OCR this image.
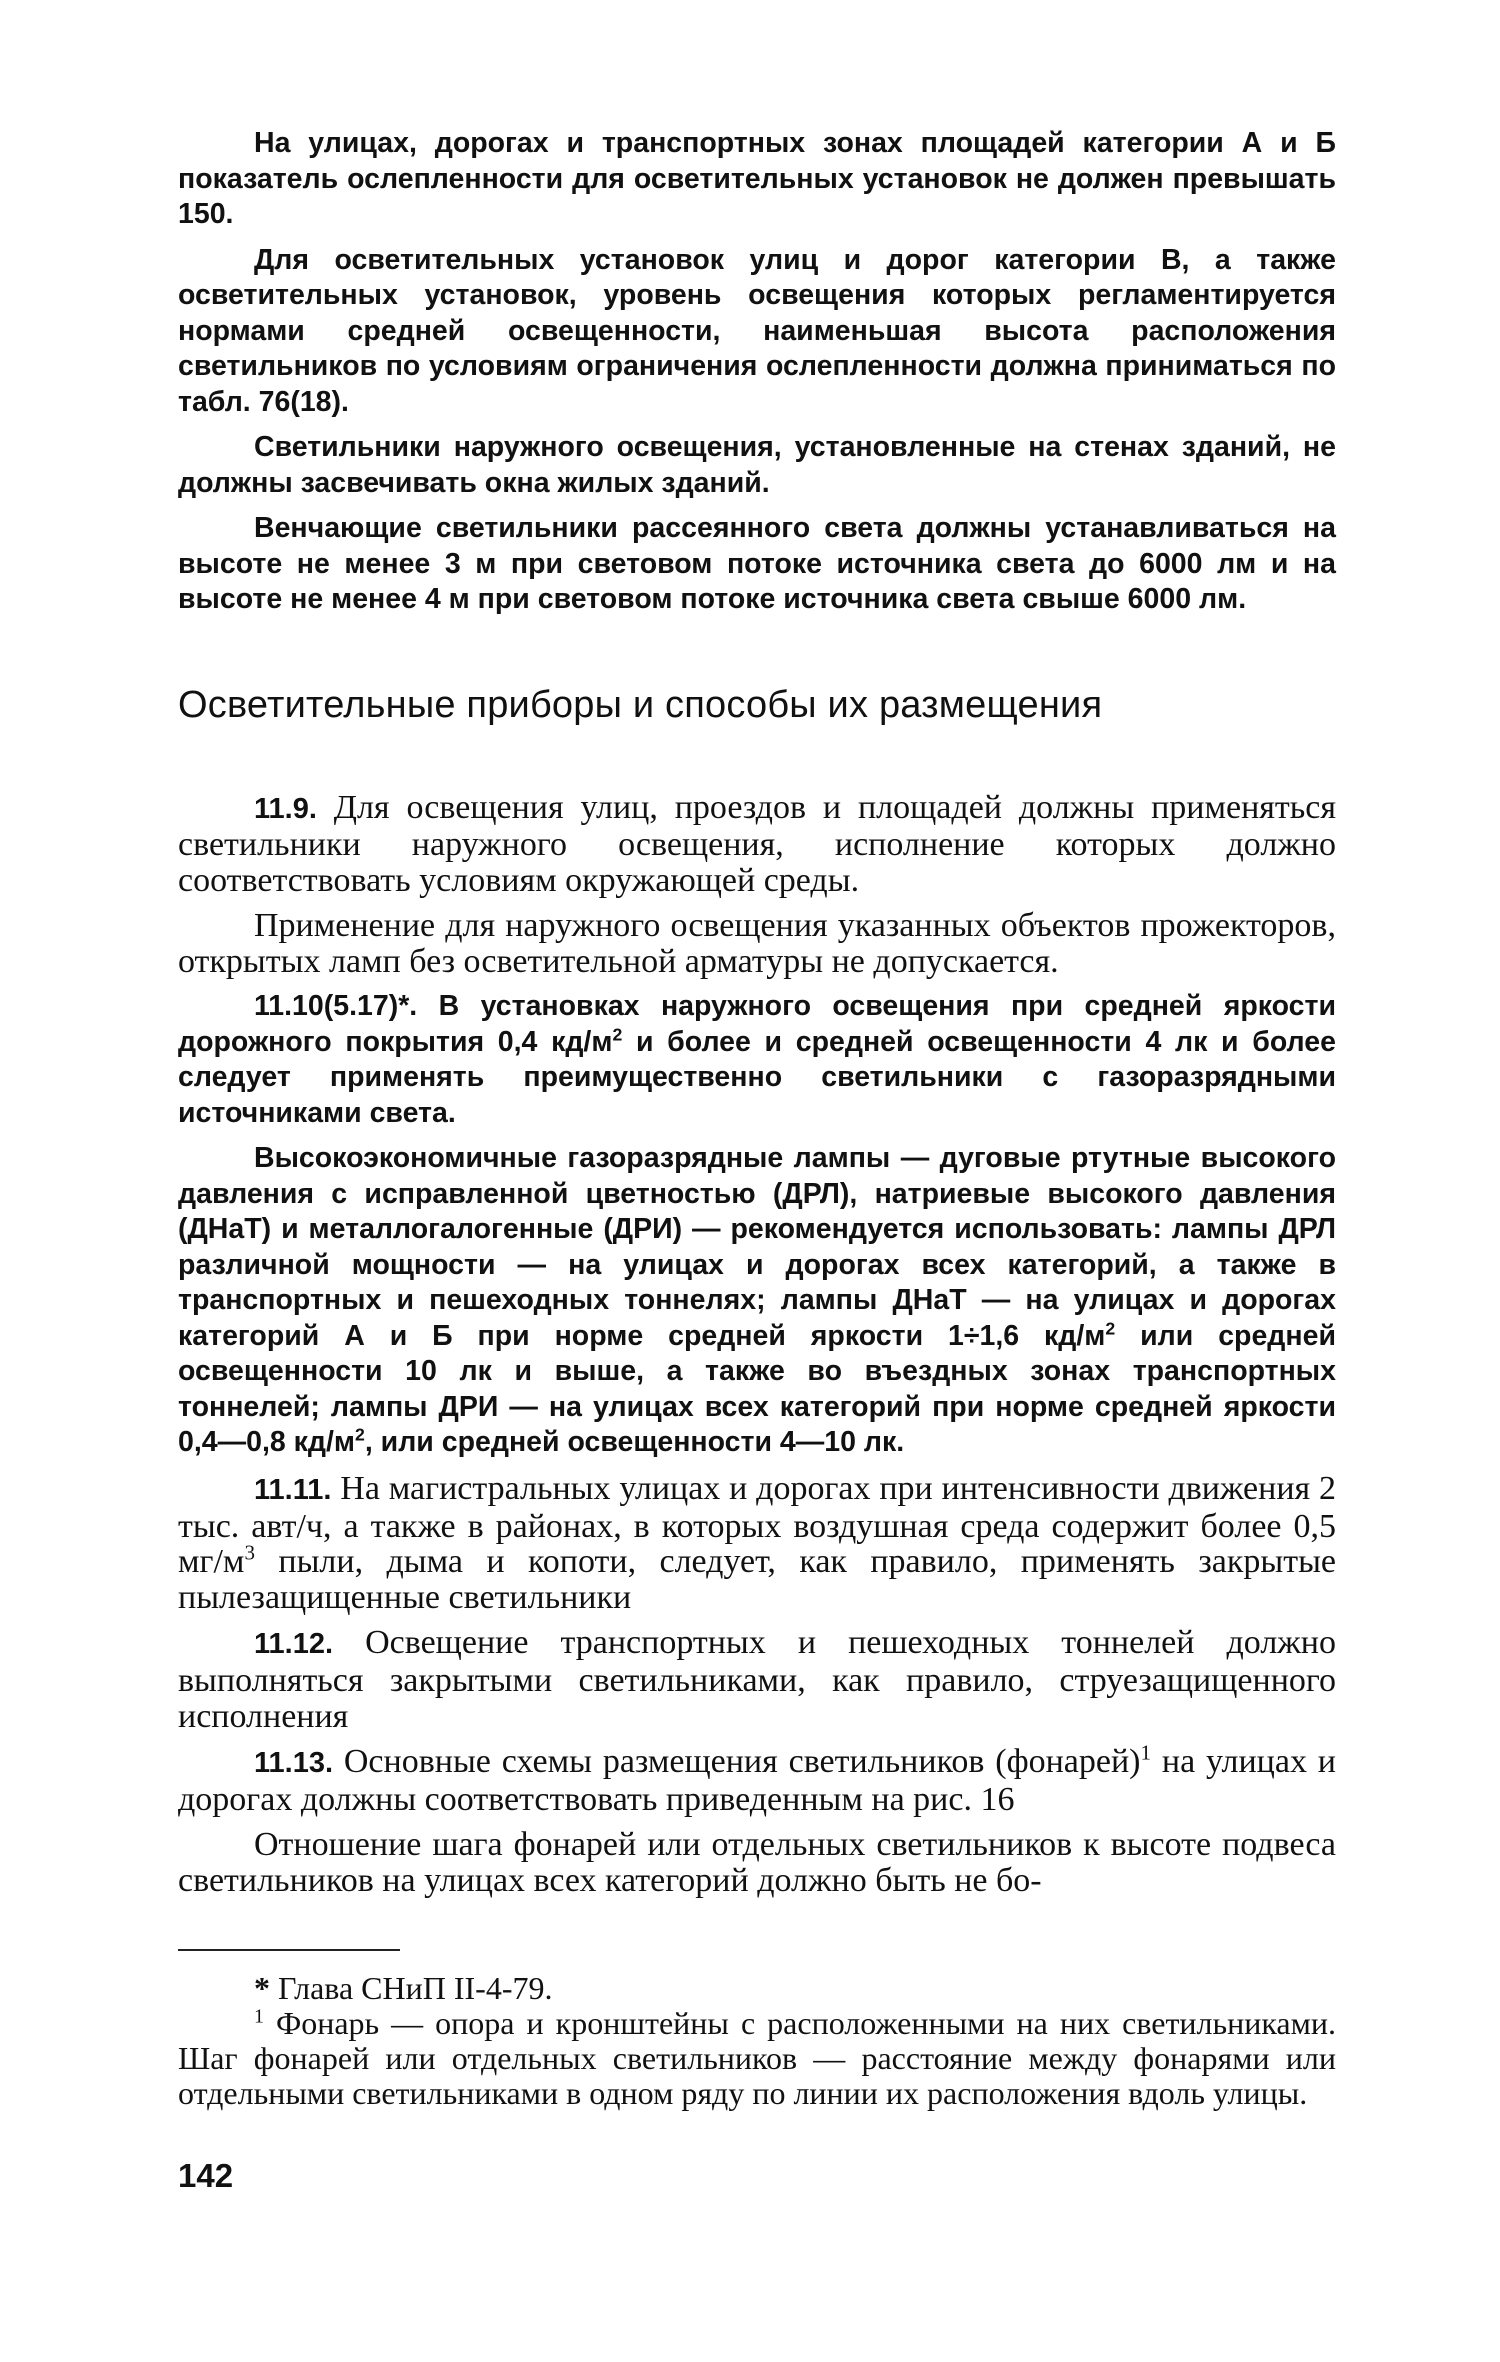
На улицах, дорогах и транспортных зонах площадей категории А и Б показатель ослепленности для осветительных установок не должен превышать 150.

Для осветительных установок улиц и дорог категории В, а также осветительных установок, уровень освещения которых регламентируется нормами средней освещенности, наименьшая высота расположения светильников по условиям ограничения ослепленности должна приниматься по табл. 76(18).

Светильники наружного освещения, установленные на стенах зданий, не должны засвечивать окна жилых зданий.

Венчающие светильники рассеянного света должны устанавливаться на высоте не менее 3 м при световом потоке источника света до 6000 лм и на высоте не менее 4 м при световом потоке источника света свыше 6000 лм.

Осветительные приборы и способы их размещения

11.9. Для освещения улиц, проездов и площадей должны применяться светильники наружного освещения, исполнение которых должно соответствовать условиям окружающей среды.

Применение для наружного освещения указанных объектов прожекторов, открытых ламп без осветительной арматуры не допускается.

11.10(5.17)*. В установках наружного освещения при средней яркости дорожного покрытия 0,4 $кд/м^2$ и более и средней освещенности 4 лк и более следует применять преимущественно светильники с газоразрядными источниками света.

Высокоэкономичные газоразрядные лампы — дуговые ртутные высокого давления с исправленной цветностью (ДРЛ), натриевые высокого давления (ДНаТ) и металлогалогенные (ДРИ) — рекомендуется использовать: лампы ДРЛ различной мощности — на улицах и дорогах всех категорий, а также в транспортных и пешеходных тоннелях; лампы ДНаТ — на улицах и дорогах категорий А и Б при норме средней яркости 1÷1,6 $кд/м^2$ или средней освещенности 10 лк и выше, а также во въездных зонах транспортных тоннелей; лампы ДРИ — на улицах всех категорий при норме средней яркости 0,4—0,8 $кд/м^2$, или средней освещенности 4—10 лк.

11.11. На магистральных улицах и дорогах при интенсивности движения 2 тыс. авт/ч, а также в районах, в которых воздушная среда содержит более 0,5 $мг/м^3$ пыли, дыма и копоти, следует, как правило, применять закрытые пылезащищенные светильники

11.12. Освещение транспортных и пешеходных тоннелей должно выполняться закрытыми светильниками, как правило, струезащищенного исполнения

11.13. Основные схемы размещения светильников (фонарей)$^1$ на улицах и дорогах должны соответствовать приведенным на рис. 16

Отношение шага фонарей или отдельных светильников к высоте подвеса светильников на улицах всех категорий должно быть не бо-

* Глава СНиП II-4-79.

$^1$ Фонарь — опора и кронштейны с расположенными на них светильниками. Шаг фонарей или отдельных светильников — расстояние между фонарями или отдельными светильниками в одном ряду по линии их расположения вдоль улицы.

142
